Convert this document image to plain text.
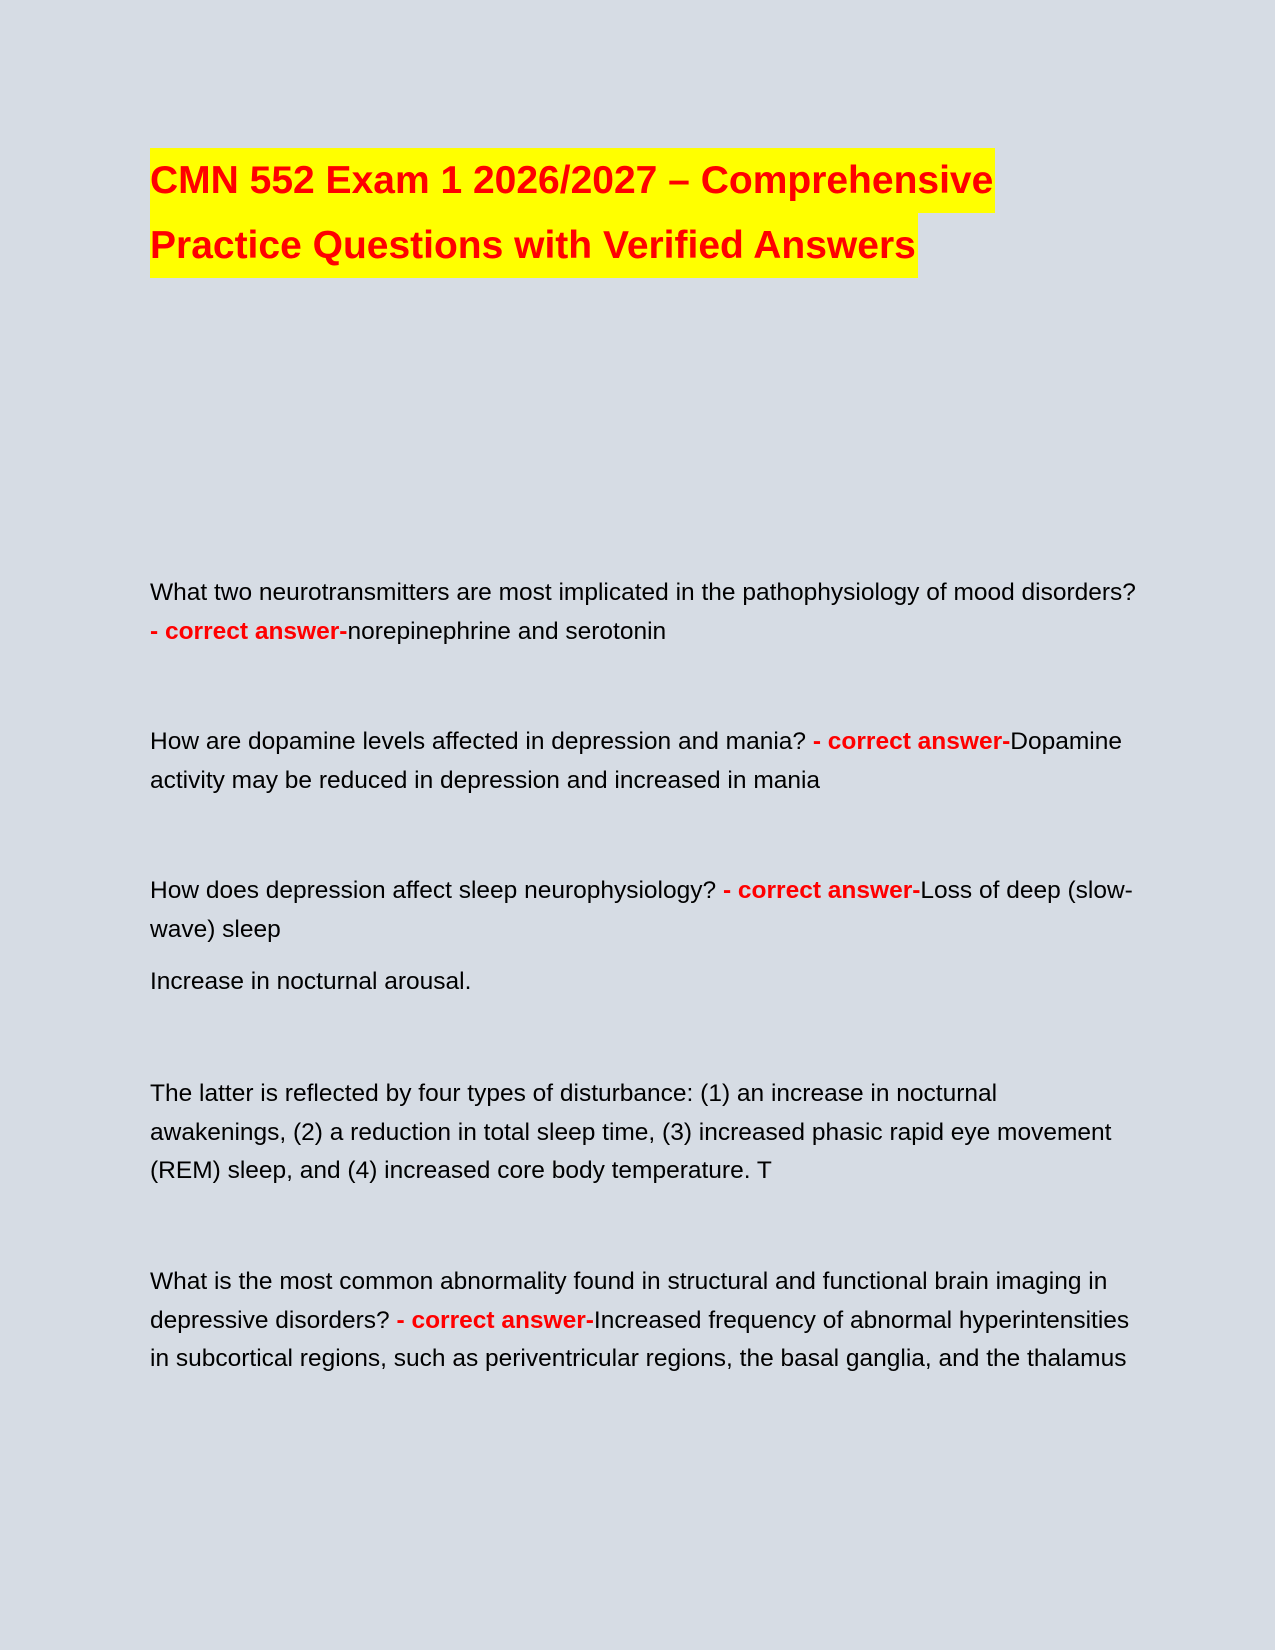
CMN 552 Exam 1 2026/2027 – Comprehensive
Practice Questions with Verified Answers

What two neurotransmitters are most implicated in the pathophysiology of mood disorders? - correct answer-norepinephrine and serotonin

How are dopamine levels affected in depression and mania? - correct answer-Dopamine activity may be reduced in depression and increased in mania

How does depression affect sleep neurophysiology? - correct answer-Loss of deep (slow-wave) sleep

Increase in nocturnal arousal.

The latter is reflected by four types of disturbance: (1) an increase in nocturnal awakenings, (2) a reduction in total sleep time, (3) increased phasic rapid eye movement (REM) sleep, and (4) increased core body temperature. T

What is the most common abnormality found in structural and functional brain imaging in depressive disorders? - correct answer-Increased frequency of abnormal hyperintensities in subcortical regions, such as periventricular regions, the basal ganglia, and the thalamus
